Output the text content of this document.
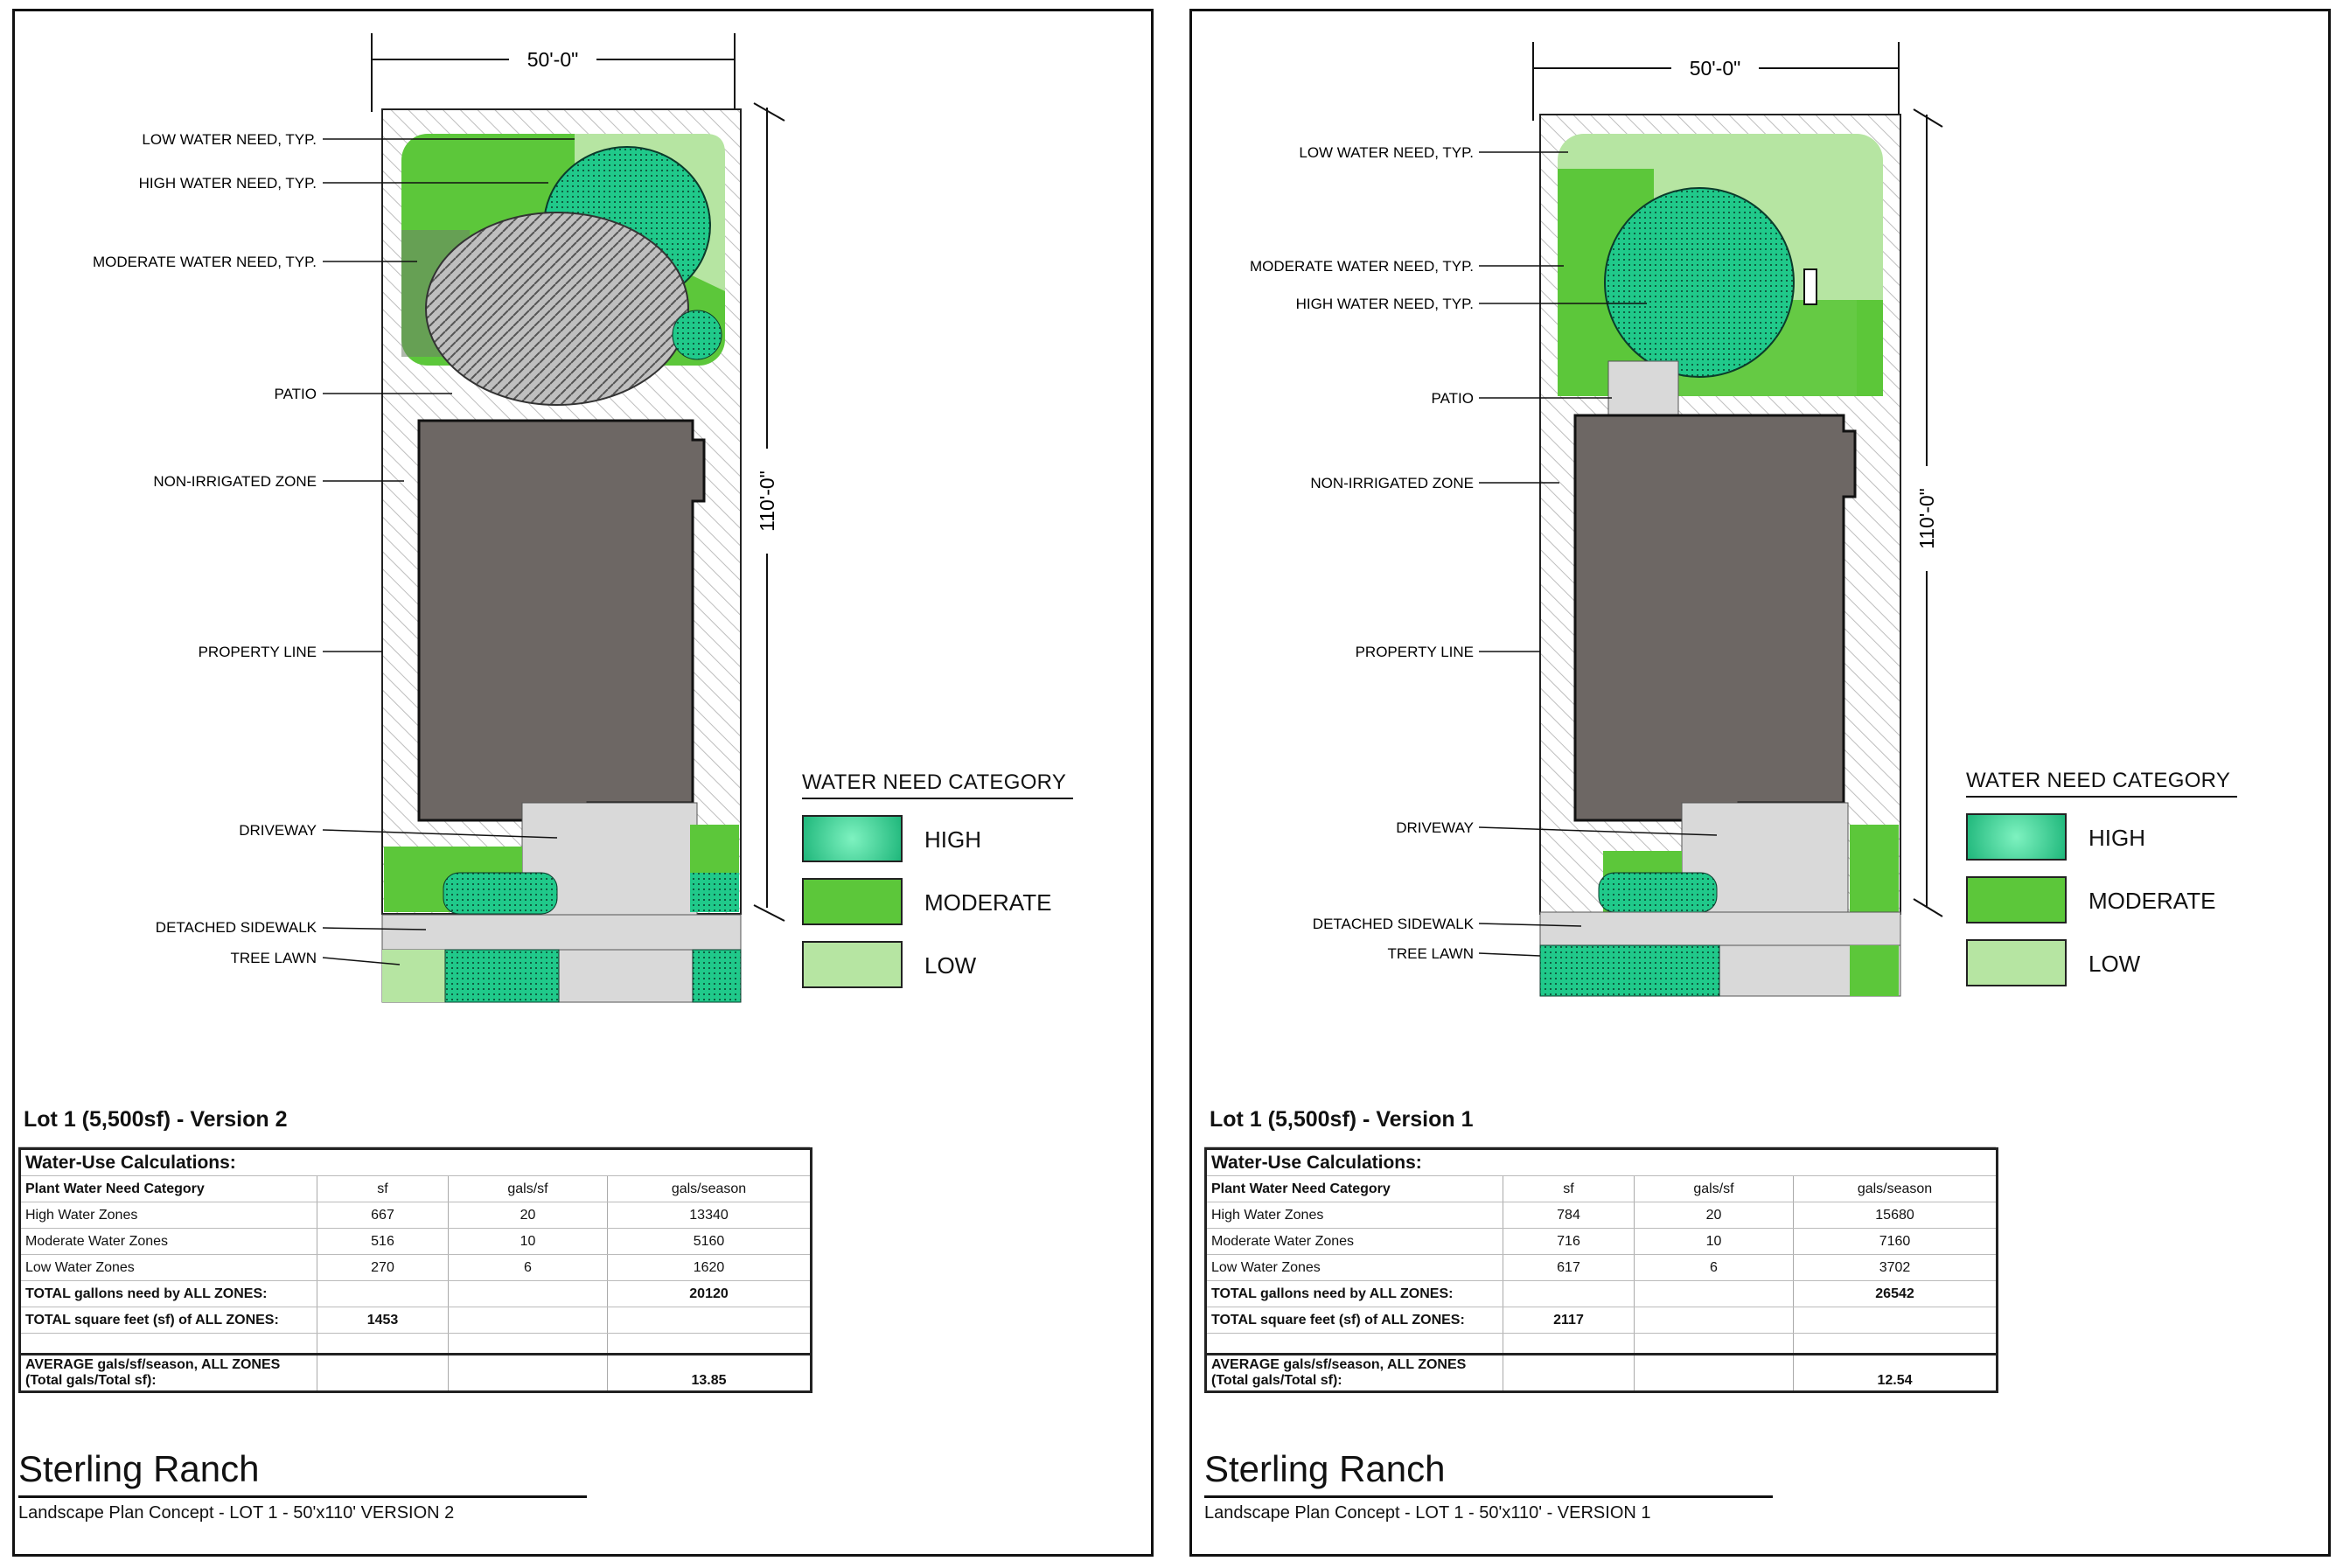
50'-0"
110'-0"
LOW WATER NEED, TYP.
HIGH WATER NEED, TYP.
MODERATE WATER NEED, TYP.
PATIO
NON-IRRIGATED ZONE
PROPERTY LINE
DRIVEWAY
DETACHED SIDEWALK
TREE LAWN
WATER NEED CATEGORY
HIGH
MODERATE
LOW
Lot 1 (5,500sf) - Version 2
Water-Use Calculations:			
Plant Water Need Category	sf	gals/sf	gals/season
High Water Zones	667	20	13340
Moderate Water Zones	516	10	5160
Low Water Zones	270	6	1620
TOTAL gallons need by ALL ZONES:			20120
TOTAL square feet (sf) of ALL ZONES:	1453		

AVERAGE gals/sf/season, ALL ZONES
(Total gals/Total sf):			13.85
Sterling Ranch
Landscape Plan Concept - LOT 1 - 50'x110' VERSION 2
50'-0"
110'-0"
LOW WATER NEED, TYP.
MODERATE WATER NEED, TYP.
HIGH WATER NEED, TYP.
PATIO
NON-IRRIGATED ZONE
PROPERTY LINE
DRIVEWAY
DETACHED SIDEWALK
TREE LAWN
WATER NEED CATEGORY
HIGH
MODERATE
LOW
Lot 1 (5,500sf) - Version 1
Water-Use Calculations:			
Plant Water Need Category	sf	gals/sf	gals/season
High Water Zones	784	20	15680
Moderate Water Zones	716	10	7160
Low Water Zones	617	6	3702
TOTAL gallons need by ALL ZONES:			26542
TOTAL square feet (sf) of ALL ZONES:	2117		

AVERAGE gals/sf/season, ALL ZONES
(Total gals/Total sf):			12.54
Sterling Ranch
Landscape Plan Concept - LOT 1 - 50'x110' - VERSION 1
